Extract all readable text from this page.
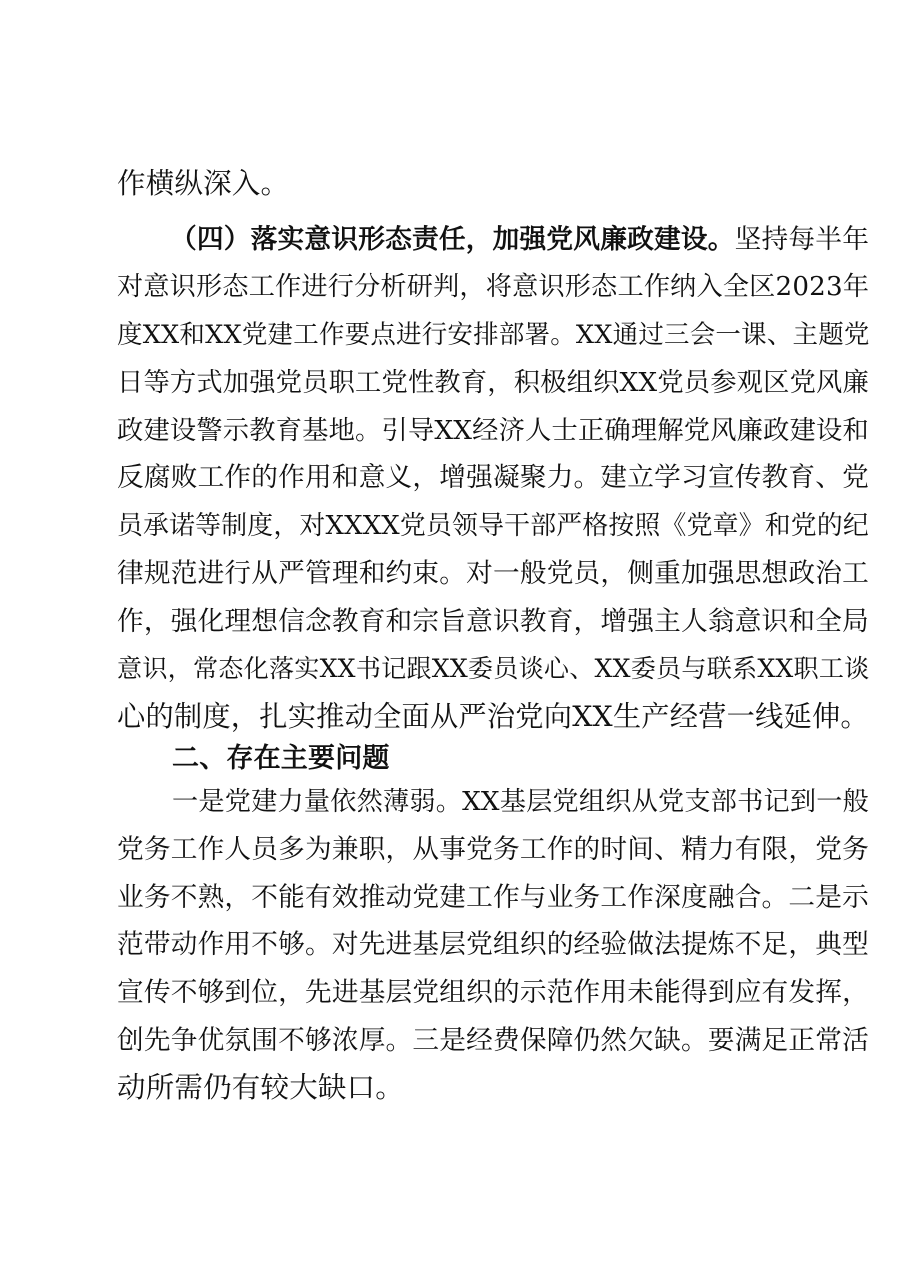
作横纵深入。
（四）落实意识形态责任，加强党风廉政建设。坚持每半年
对意识形态工作进行分析研判，将意识形态工作纳入全区2023年
度XX和XX党建工作要点进行安排部署。XX通过三会一课、主题党
日等方式加强党员职工党性教育，积极组织XX党员参观区党风廉
政建设警示教育基地。引导XX经济人士正确理解党风廉政建设和
反腐败工作的作用和意义，增强凝聚力。建立学习宣传教育、党
员承诺等制度，对XXXX党员领导干部严格按照《党章》和党的纪
律规范进行从严管理和约束。对一般党员，侧重加强思想政治工
作，强化理想信念教育和宗旨意识教育，增强主人翁意识和全局
意识，常态化落实XX书记跟XX委员谈心、XX委员与联系XX职工谈
心的制度，扎实推动全面从严治党向XX生产经营一线延伸。
二、存在主要问题
一是党建力量依然薄弱。XX基层党组织从党支部书记到一般
党务工作人员多为兼职，从事党务工作的时间、精力有限，党务
业务不熟，不能有效推动党建工作与业务工作深度融合。二是示
范带动作用不够。对先进基层党组织的经验做法提炼不足，典型
宣传不够到位，先进基层党组织的示范作用未能得到应有发挥，
创先争优氛围不够浓厚。三是经费保障仍然欠缺。要满足正常活
动所需仍有较大缺口。
